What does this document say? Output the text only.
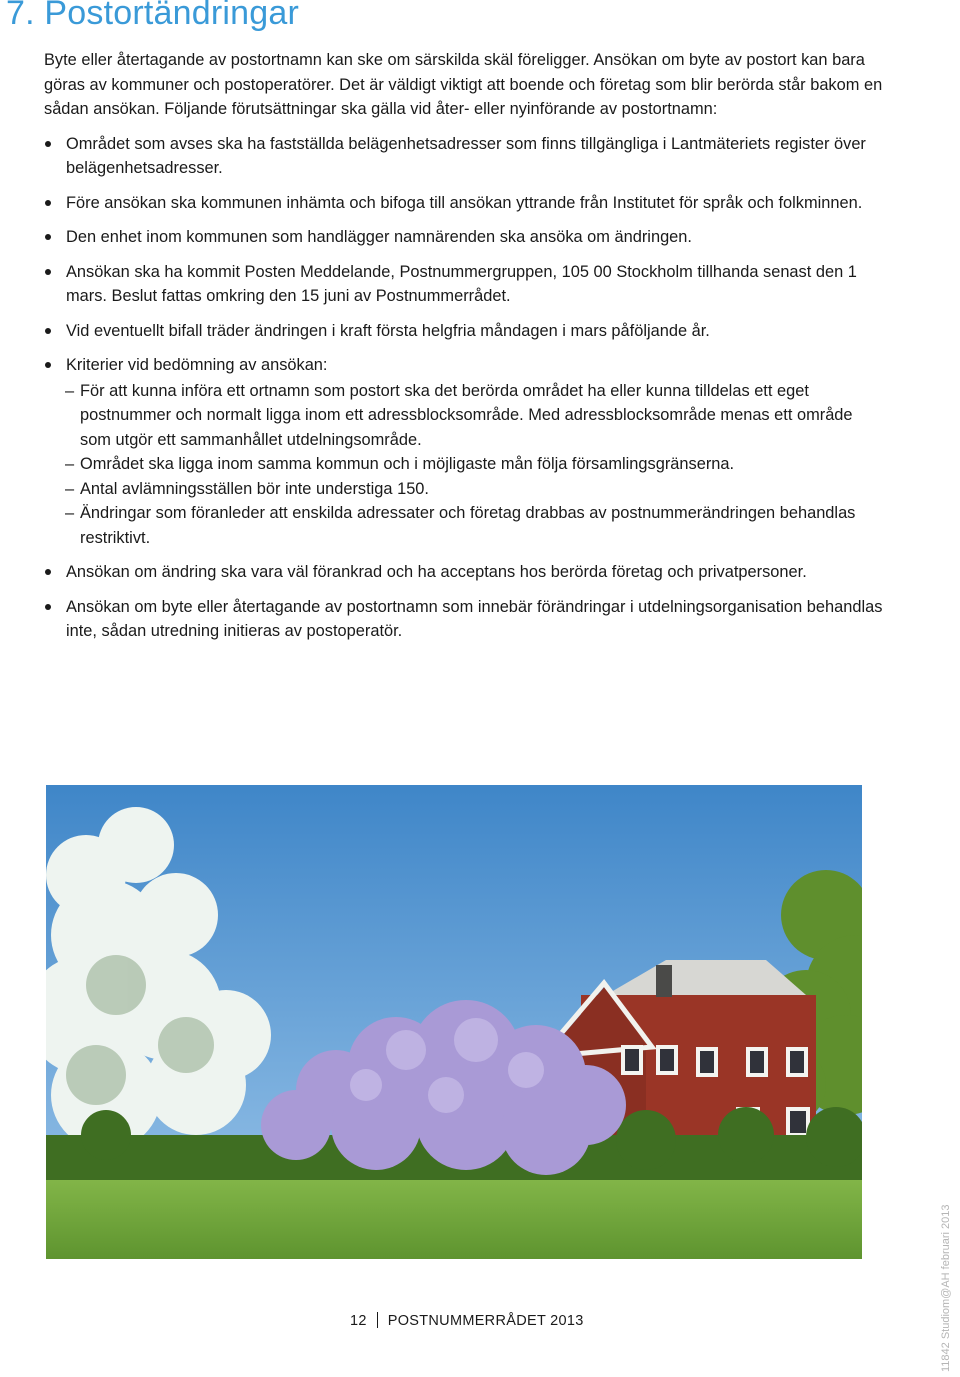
7. Postortändringar

Byte eller återtagande av postortnamn kan ske om särskilda skäl föreligger. Ansökan om byte av postort kan bara göras av kommuner och postoperatörer. Det är väldigt viktigt att boende och företag som blir berörda står bakom en sådan ansökan. Följande förutsättningar ska gälla vid åter- eller nyinförande av postortnamn:

Området som avses ska ha fastställda belägenhetsadresser som finns tillgängliga i Lantmäteriets register över belägenhetsadresser.
Före ansökan ska kommunen inhämta och bifoga till ansökan yttrande från Institutet för språk och folkminnen.
Den enhet inom kommunen som handlägger namnärenden ska ansöka om ändringen.
Ansökan ska ha kommit Posten Meddelande, Postnummergruppen, 105 00 Stockholm tillhanda senast den 1 mars. Beslut fattas omkring den 15 juni av Postnummerrådet.
Vid eventuellt bifall träder ändringen i kraft första helgfria måndagen i mars påföljande år.
Kriterier vid bedömning av ansökan:
– För att kunna införa ett ortnamn som postort ska det berörda området ha eller kunna tilldelas ett eget postnummer och normalt ligga inom ett adressblocksområde. Med adressblocksområde menas ett område som utgör ett sammanhållet utdelningsområde.
– Området ska ligga inom samma kommun och i möjligaste mån följa församlingsgränserna.
– Antal avlämningsställen bör inte understiga 150.
– Ändringar som föranleder att enskilda adressater och företag drabbas av postnummerändringen behandlas restriktivt.
Ansökan om ändring ska vara väl förankrad och ha acceptans hos berörda företag och privatpersoner.
Ansökan om byte eller återtagande av postortnamn som innebär förändringar i utdelningsorganisation behandlas inte, sådan utredning initieras av postoperatör.
12 POSTNUMMERRÅDET 2013	11842 Studiom@AH februari 2013
